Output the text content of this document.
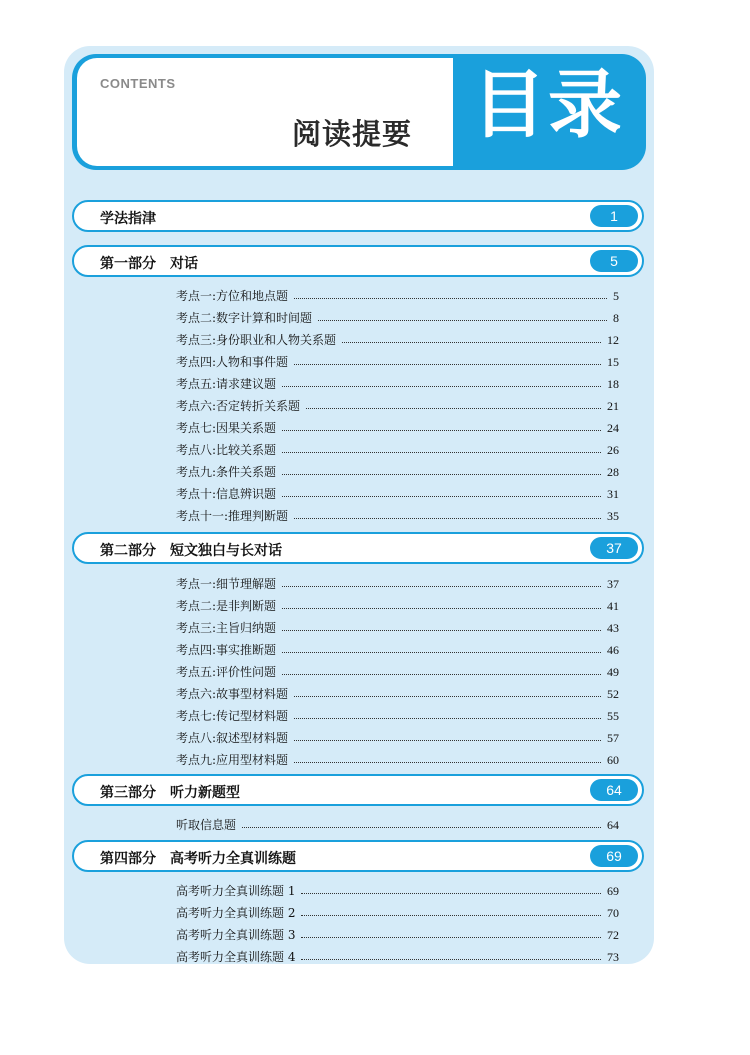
CONTENTS
阅读提要 目录
学法指津	1
第一部分　对话	5
考点一:方位和地点题	5
考点二:数字计算和时间题	8
考点三:身份职业和人物关系题	12
考点四:人物和事件题	15
考点五:请求建议题	18
考点六:否定转折关系题	21
考点七:因果关系题	24
考点八:比较关系题	26
考点九:条件关系题	28
考点十:信息辨识题	31
考点十一:推理判断题	35
第二部分　短文独白与长对话	37
考点一:细节理解题	37
考点二:是非判断题	41
考点三:主旨归纳题	43
考点四:事实推断题	46
考点五:评价性问题	49
考点六:故事型材料题	52
考点七:传记型材料题	55
考点八:叙述型材料题	57
考点九:应用型材料题	60
第三部分　听力新题型	64
听取信息题	64
第四部分　高考听力全真训练题	69
高考听力全真训练题 1	69
高考听力全真训练题 2	70
高考听力全真训练题 3	72
高考听力全真训练题 4	73
